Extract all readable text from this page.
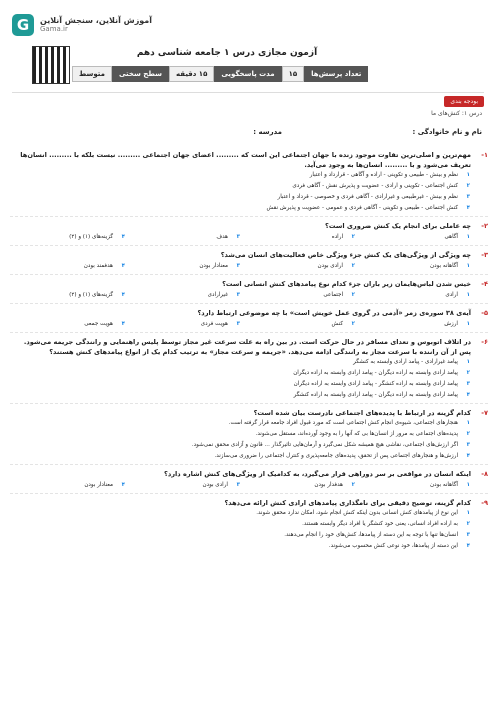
G	آموزش آنلاین، سنجش آنلاین
Gama.ir
آزمون مجازی درس ۱ جامعه شناسی دهم
تعداد پرسش‌ها
۱۵
مدت پاسخگویی
۱۵ دقیقه
سطح سختی
متوسط
بودجه بندی
درس ۱: کنش‌های ما
نام و نام خانوادگی :
مدرسه :
۱-
مهم‌ترین و اصلی‌ترین تفاوت موجود زنده با جهان اجتماعی این است که ......... اعضای جهان اجتماعی ......... نیست بلکه با ......... انسان‌ها تعریف می‌شود و با ......... انسان‌ها به وجود می‌آید.
۱
نظم و بینش - طبیعی و تکوینی - اراده و آگاهی - قرارداد و اعتبار
۲
کنش اجتماعی - تکوینی و ارادی - عضویت و پذیرش نقش - آگاهی فردی
۳
نظم و بینش - غیرطبیعی و غیرارادی - آگاهی فردی و خصوصی - قرداد و اعتبار
۴
کنش اجتماعی - طبیعی و تکوینی - آگاهی فردی و عمومی - عضویت و پذیرش نقش
۲-
چه عاملی برای انجام یک کنش ضروری است؟
۱
آگاهی
۲
اراده
۳
هدف
۴
گزینه‌های (۱) و (۲)
۳-
چه ویژگی از ویژگی‌های یک کنش جزء ویژگی خاص فعالیت‌های انسان می‌شد؟
۱
آگاهانه بودن
۲
ارادی بودن
۳
معنادار بودن
۴
هدفمند بودن
۴-
خیس شدن لباس‌هایمان زیر باران جزء کدام نوع پیامدهای کنش انسانی است؟
۱
ارادی
۲
اجتماعی
۳
غیرارادی
۴
گزینه‌های (۱) و (۲)
۵-
آیه‌ی ۳۸ سوره‌ی زمر «آدمی در گروی عمل خویش است» با چه موضوعی ارتباط دارد؟
۱
ارزش
۲
کنش
۳
هویت فردی
۴
هویت جمعی
۶-
در اتلاف اتوبوس و تعدای مسافر در حال حرکت است. در بین راه به علت سرعت غیر مجاز توسط پلیس راهنمایی و رانندگی جریمه می‌شود. پس از آن راننده با سرعت مجاز به رانندگی ادامه می‌دهد. «جریمه و سرعت مجاز» به ترتیب کدام یک از انواع پیامدهای کنش هستند؟
۱
پیامد غیرارادی - پیامد ارادی وابسته به کنشگر
۲
پیامد ارادی وابسته به اراده دیگران - پیامد ارادی وابسته به اراده دیگران
۳
پیامد ارادی وابسته به اراده کنشگر - پیامد ارادی وابسته به اراده دیگران
۴
پیامد ارادی وابسته به اراده دیگران - پیامد ارادی وابسته به اراده کنشگر
۷-
کدام گزینه در ارتباط با پدیده‌های اجتماعی نادرست بیان شده است؟
۱
هنجارهای اجتماعی، شیوه‌ی انجام کنش اجتماعی است که مورد قبول افراد جامعه قرار گرفته است.
۲
پدیده‌های اجتماعی به مرور از انسان‌ها بی که آنها را به وجود آورده‌اند، مستقل می‌شوند.
۳
اگر ارزش‌های اجتماعی، نقاشی هیچ همیشه شکل نمی‌گیرد و آرمان‌هایی تاثیرگذار ... قانون و آزادی محقق نمی‌شود.
۴
ارزش‌ها و هنجارهای اجتماعی پس از تحقق، پدیده‌های جامعه‌پذیری و کنترل اجتماعی را ضروری می‌سازند.
۸-
اینکه انسان در مواقعی بر سر دوراهی قرار می‌گیرد، به کدامیک از ویژگی‌های کنش اشاره دارد؟
۱
آگاهانه بودن
۲
هدفدار بودن
۳
ارادی بودن
۴
معنادار بودن
۹-
کدام گزینه، توضیح دقیقی برای نامگذاری پیامدهای ارادی کنش ارائه می‌دهد؟
۱
این نوع از پیامدهای کنش انسانی بدون اینکه کنش انجام شود، امکان ندارد محقق شوند.
۲
به اراده افراد انسانی، یعنی خود کنشگر یا افراد دیگر وابسته هستند.
۳
انسان‌ها تنها با توجه به این دسته از پیامدها، کنش‌های خود را انجام می‌دهند.
۴
این دسته از پیامدها، خود نوعی کنش محسوب می‌شوند.
